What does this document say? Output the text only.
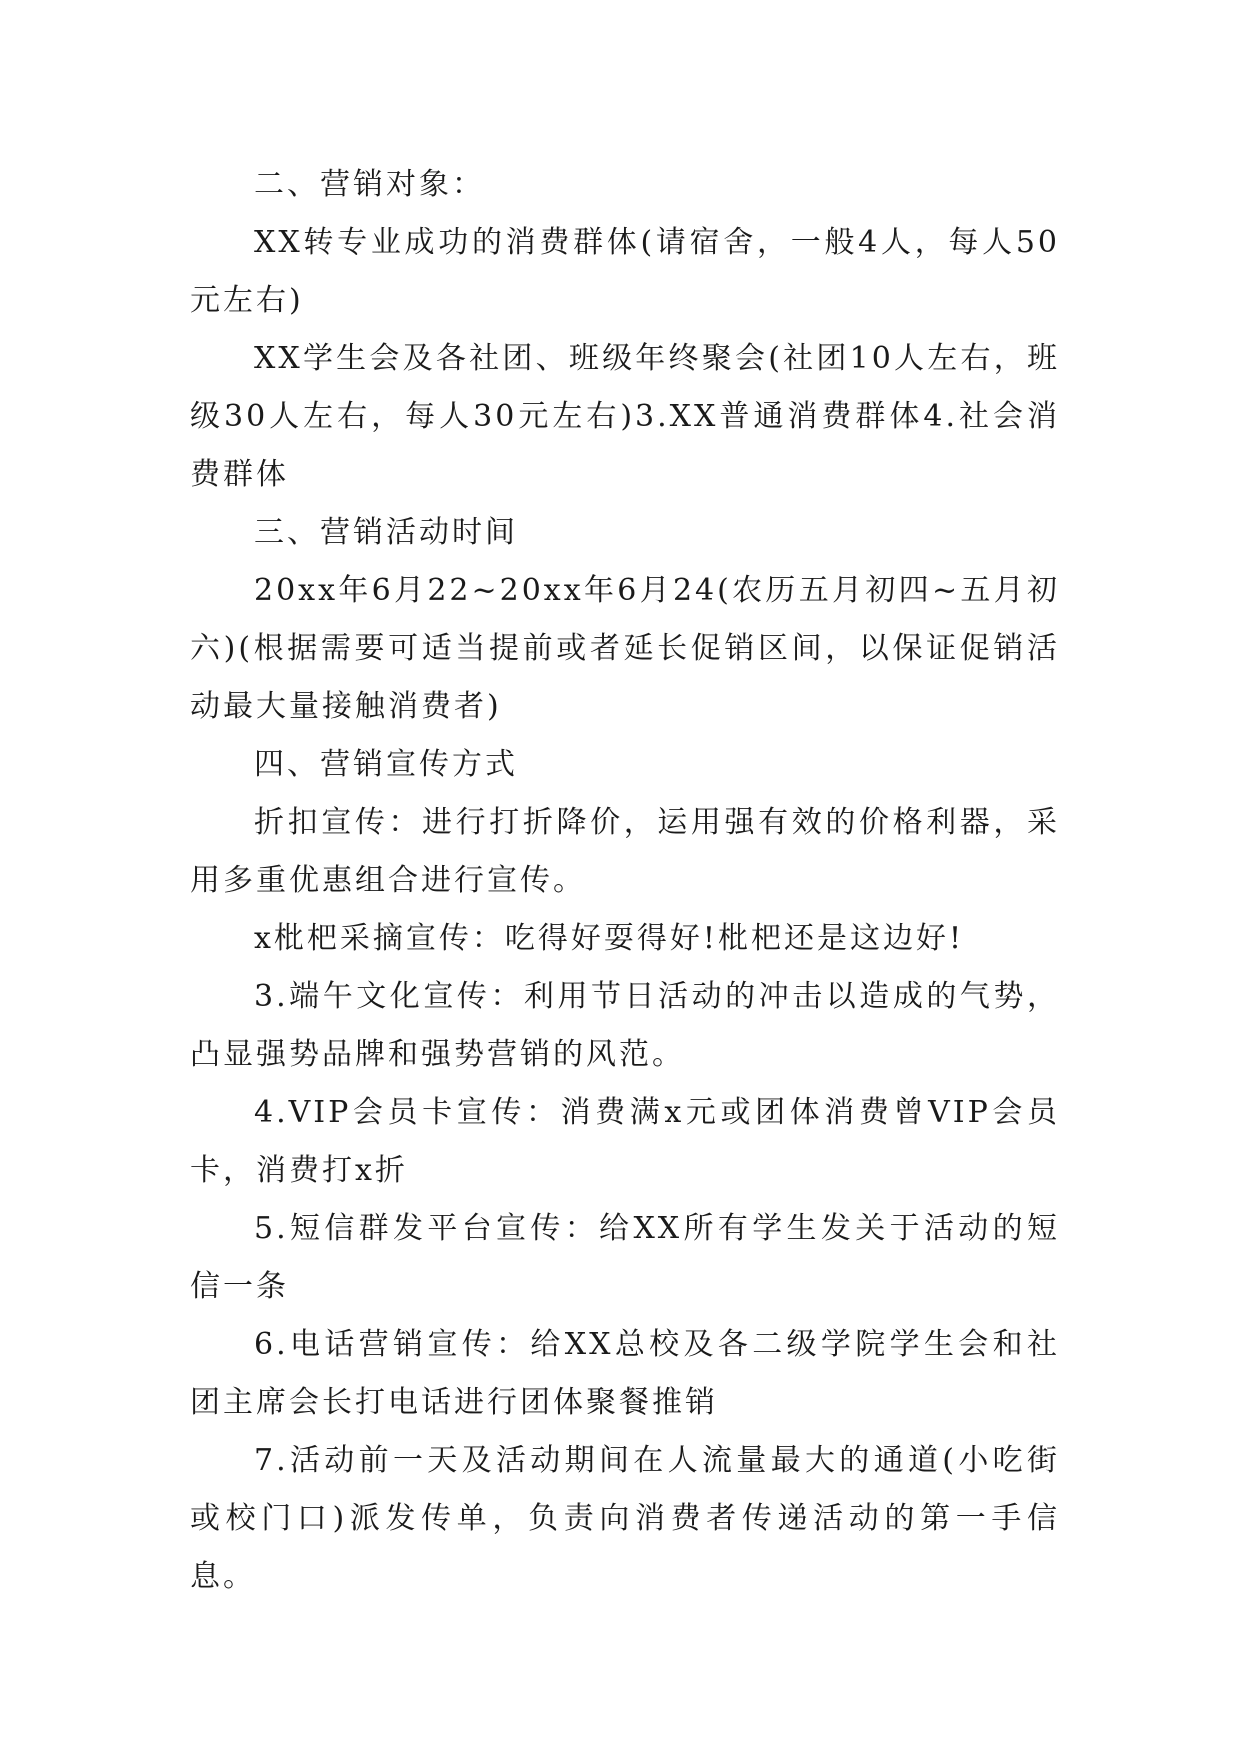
二、营销对象：

XX转专业成功的消费群体(请宿舍，一般4人，每人50元左右)

XX学生会及各社团、班级年终聚会(社团10人左右，班级30人左右，每人30元左右)3.XX普通消费群体4.社会消费群体

三、营销活动时间

20xx年6月22~20xx年6月24(农历五月初四~五月初六)(根据需要可适当提前或者延长促销区间，以保证促销活动最大量接触消费者)

四、营销宣传方式

折扣宣传：进行打折降价，运用强有效的价格利器，采用多重优惠组合进行宣传。

x枇杷采摘宣传：吃得好耍得好!枇杷还是这边好!

3.端午文化宣传：利用节日活动的冲击以造成的气势，凸显强势品牌和强势营销的风范。

4.VIP会员卡宣传：消费满x元或团体消费曾VIP会员卡，消费打x折

5.短信群发平台宣传：给XX所有学生发关于活动的短信一条

6.电话营销宣传：给XX总校及各二级学院学生会和社团主席会长打电话进行团体聚餐推销

7.活动前一天及活动期间在人流量最大的通道(小吃街或校门口)派发传单，负责向消费者传递活动的第一手信息。
